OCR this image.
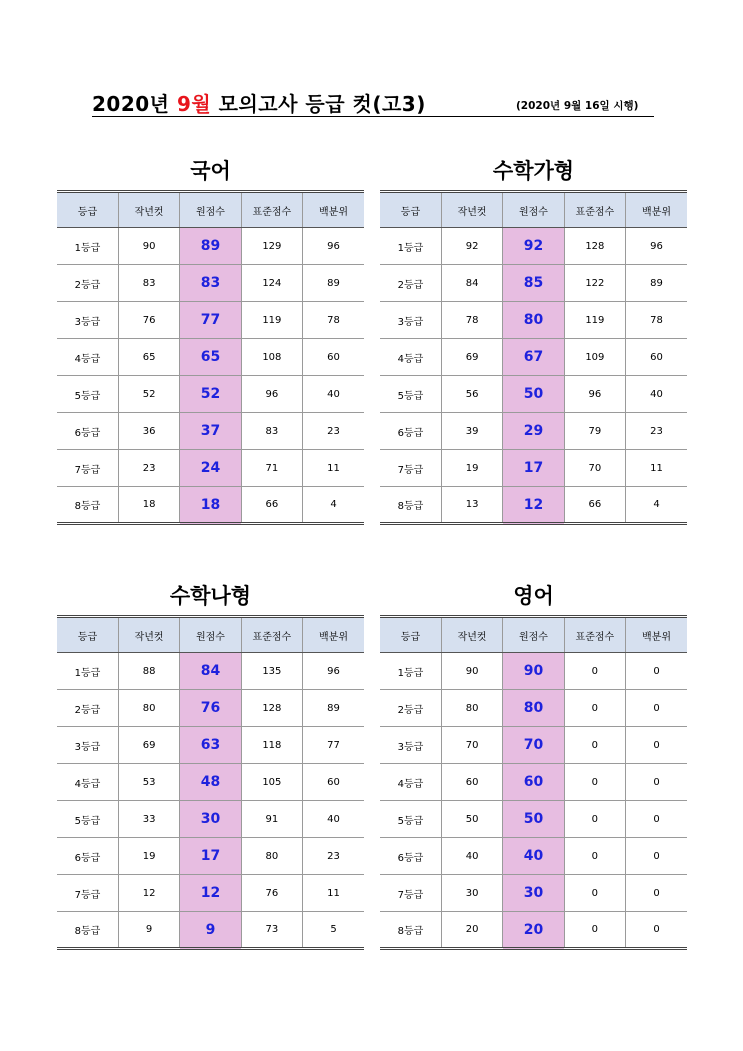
2020년 9월 모의고사 등급 컷(고3)	(2020년 9월 16일 시행)
국어
등급	작년컷	원점수	표준점수	백분위
1등급	90	89	129	96
2등급	83	83	124	89
3등급	76	77	119	78
4등급	65	65	108	60
5등급	52	52	96	40
6등급	36	37	83	23
7등급	23	24	71	11
8등급	18	18	66	4
수학가형
등급	작년컷	원점수	표준점수	백분위
1등급	92	92	128	96
2등급	84	85	122	89
3등급	78	80	119	78
4등급	69	67	109	60
5등급	56	50	96	40
6등급	39	29	79	23
7등급	19	17	70	11
8등급	13	12	66	4
수학나형
등급	작년컷	원점수	표준점수	백분위
1등급	88	84	135	96
2등급	80	76	128	89
3등급	69	63	118	77
4등급	53	48	105	60
5등급	33	30	91	40
6등급	19	17	80	23
7등급	12	12	76	11
8등급	9	9	73	5
영어
등급	작년컷	원점수	표준점수	백분위
1등급	90	90	0	0
2등급	80	80	0	0
3등급	70	70	0	0
4등급	60	60	0	0
5등급	50	50	0	0
6등급	40	40	0	0
7등급	30	30	0	0
8등급	20	20	0	0
